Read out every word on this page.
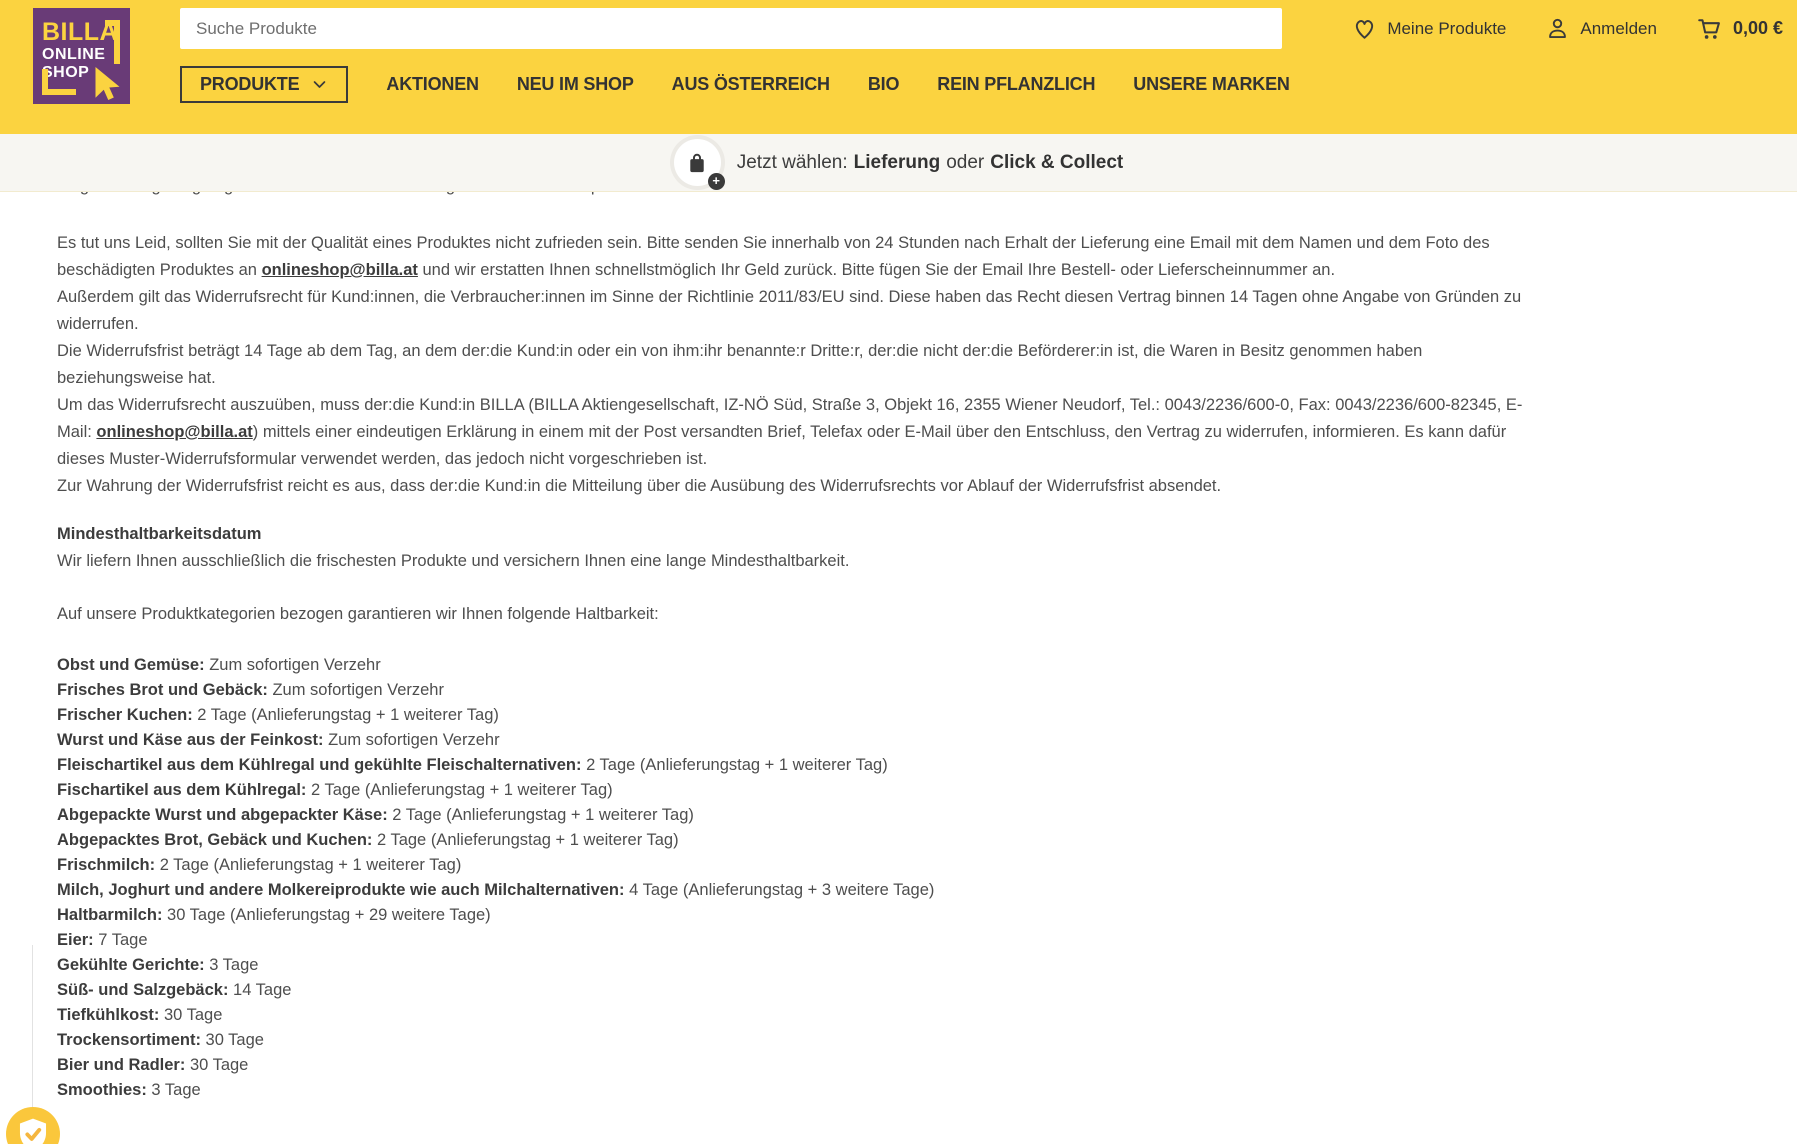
BILLA
ONLINE
SHOP
Suche Produkte
Meine Produkte	Anmelden	0,00 €
PRODUKTE	AKTIONEN NEU IM SHOP AUS ÖSTERREICH BIO REIN PFLANZLICH UNSERE MARKEN
+
Jetzt wählen: Lieferung oder Click & Collect

Es tut uns Leid, sollten Sie mit der Qualität eines Produktes nicht zufrieden sein. Bitte senden Sie innerhalb von 24 Stunden nach Erhalt der Lieferung eine Email mit dem Namen und dem Foto des beschädigten Produktes an onlineshop@billa.at und wir erstatten Ihnen schnellstmöglich Ihr Geld zurück. Bitte fügen Sie der Email Ihre Bestell- oder Lieferscheinnummer an.

Außerdem gilt das Widerrufsrecht für Kund:innen, die Verbraucher:innen im Sinne der Richtlinie 2011/83/EU sind. Diese haben das Recht diesen Vertrag binnen 14 Tagen ohne Angabe von Gründen zu widerrufen.

Die Widerrufsfrist beträgt 14 Tage ab dem Tag, an dem der:die Kund:in oder ein von ihm:ihr benannte:r Dritte:r, der:die nicht der:die Beförderer:in ist, die Waren in Besitz genommen haben beziehungsweise hat.

Um das Widerrufsrecht auszuüben, muss der:die Kund:in BILLA (BILLA Aktiengesellschaft, IZ-NÖ Süd, Straße 3, Objekt 16, 2355 Wiener Neudorf, Tel.: 0043/2236/600-0, Fax: 0043/2236/600-82345, E-Mail: onlineshop@billa.at) mittels einer eindeutigen Erklärung in einem mit der Post versandten Brief, Telefax oder E-Mail über den Entschluss, den Vertrag zu widerrufen, informieren. Es kann dafür dieses Muster-Widerrufsformular verwendet werden, das jedoch nicht vorgeschrieben ist.

Zur Wahrung der Widerrufsfrist reicht es aus, dass der:die Kund:in die Mitteilung über die Ausübung des Widerrufsrechts vor Ablauf der Widerrufsfrist absendet.

Mindesthaltbarkeitsdatum

Wir liefern Ihnen ausschließlich die frischesten Produkte und versichern Ihnen eine lange Mindesthaltbarkeit.

Auf unsere Produktkategorien bezogen garantieren wir Ihnen folgende Haltbarkeit:

Obst und Gemüse: Zum sofortigen Verzehr
Frisches Brot und Gebäck: Zum sofortigen Verzehr
Frischer Kuchen: 2 Tage (Anlieferungstag + 1 weiterer Tag)
Wurst und Käse aus der Feinkost: Zum sofortigen Verzehr
Fleischartikel aus dem Kühlregal und gekühlte Fleischalternativen: 2 Tage (Anlieferungstag + 1 weiterer Tag)
Fischartikel aus dem Kühlregal: 2 Tage (Anlieferungstag + 1 weiterer Tag)
Abgepackte Wurst und abgepackter Käse: 2 Tage (Anlieferungstag + 1 weiterer Tag)
Abgepacktes Brot, Gebäck und Kuchen: 2 Tage (Anlieferungstag + 1 weiterer Tag)
Frischmilch: 2 Tage (Anlieferungstag + 1 weiterer Tag)
Milch, Joghurt und andere Molkereiprodukte wie auch Milchalternativen: 4 Tage (Anlieferungstag + 3 weitere Tage)
Haltbarmilch: 30 Tage (Anlieferungstag + 29 weitere Tage)
Eier: 7 Tage
Gekühlte Gerichte: 3 Tage
Süß- und Salzgebäck: 14 Tage
Tiefkühlkost: 30 Tage
Trockensortiment: 30 Tage
Bier und Radler: 30 Tage
Smoothies: 3 Tage
